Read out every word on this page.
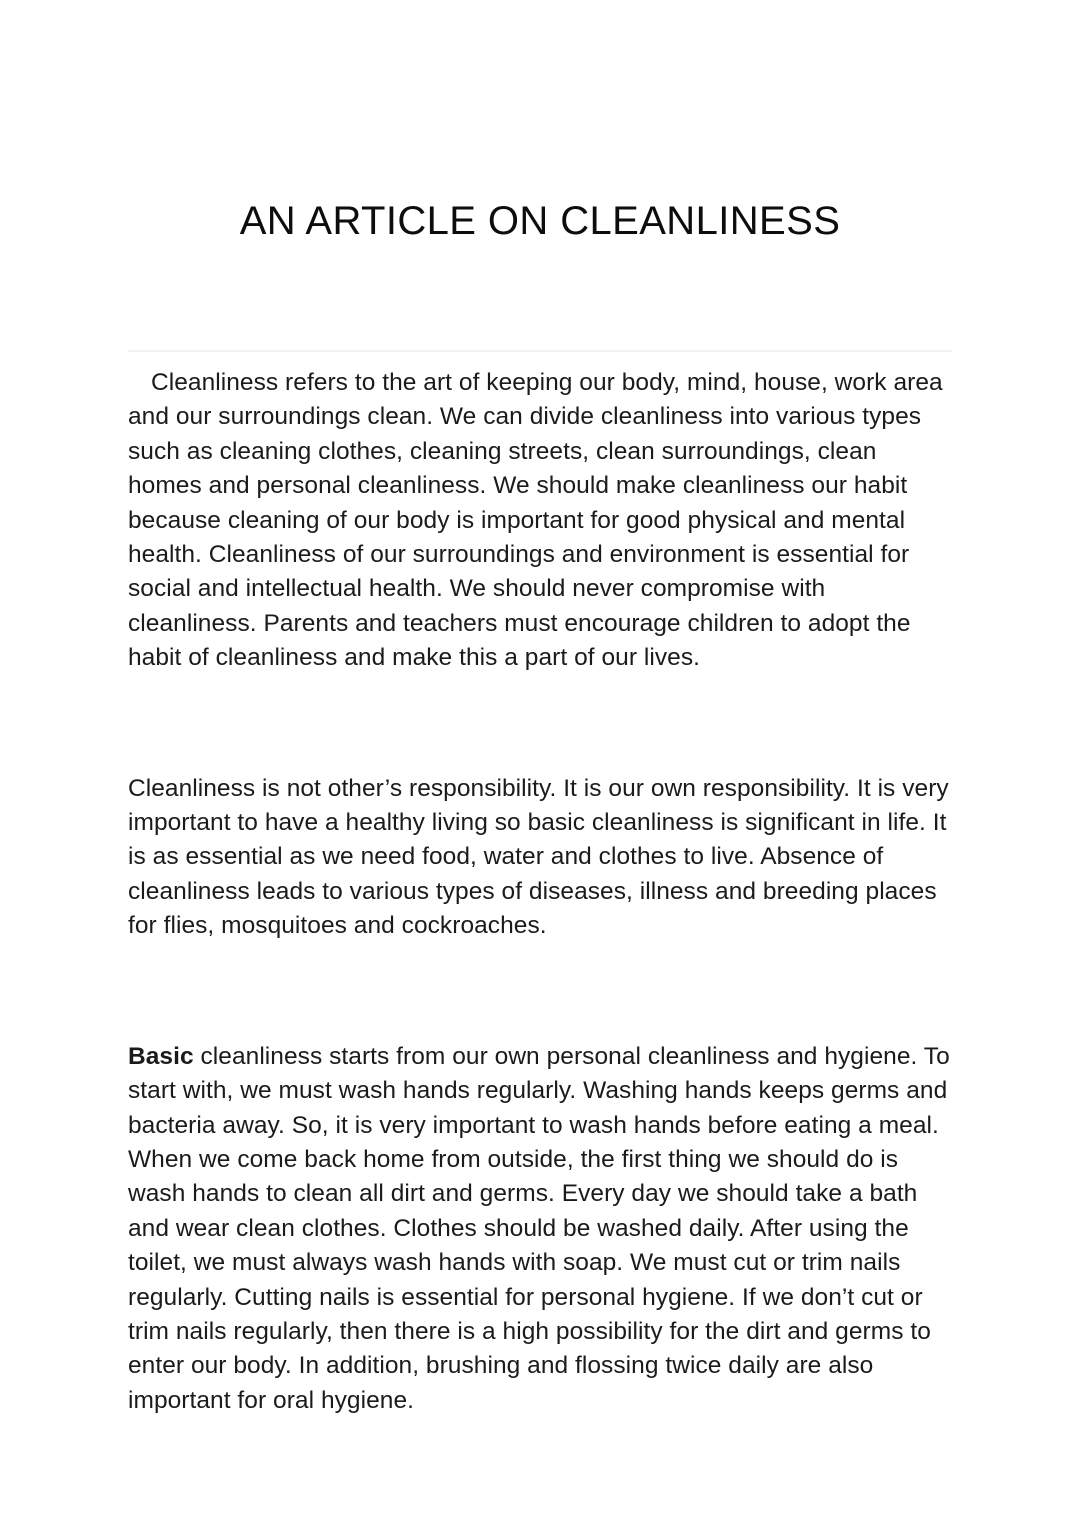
AN ARTICLE ON CLEANLINESS

Cleanliness refers to the art of keeping our body, mind, house, work area and our surroundings clean. We can divide cleanliness into various types such as cleaning clothes, cleaning streets, clean surroundings, clean homes and personal cleanliness. We should make cleanliness our habit because cleaning of our body is important for good physical and mental health. Cleanliness of our surroundings and environment is essential for social and intellectual health. We should never compromise with cleanliness. Parents and teachers must encourage children to adopt the habit of cleanliness and make this a part of our lives.

Cleanliness is not other’s responsibility. It is our own responsibility. It is very important to have a healthy living so basic cleanliness is significant in life. It is as essential as we need food, water and clothes to live. Absence of cleanliness leads to various types of diseases, illness and breeding places for flies, mosquitoes and cockroaches.

Basic cleanliness starts from our own personal cleanliness and hygiene. To start with, we must wash hands regularly. Washing hands keeps germs and bacteria away. So, it is very important to wash hands before eating a meal. When we come back home from outside, the first thing we should do is wash hands to clean all dirt and germs. Every day we should take a bath and wear clean clothes. Clothes should be washed daily. After using the toilet, we must always wash hands with soap. We must cut or trim nails regularly. Cutting nails is essential for personal hygiene. If we don’t cut or trim nails regularly, then there is a high possibility for the dirt and germs to enter our body. In addition, brushing and flossing twice daily are also important for oral hygiene.
